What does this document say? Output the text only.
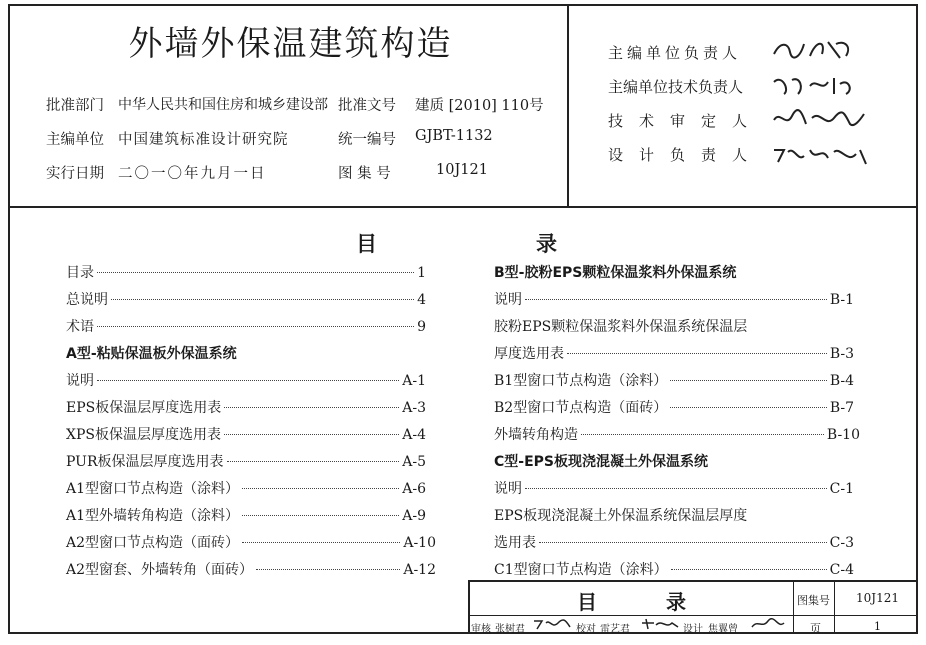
外墙外保温建筑构造
批准部门 中华人民共和国住房和城乡建设部 批准文号 建质 [2010] 110号
主编单位 中国建筑标准设计研究院	统一编号 GJBT-1132
实行日期 二〇一〇年九月一日	图 集 号	10J121
主编单位负责人
主编单位技术负责人
技术审定人
设计负责人
目	录
目录	1
总说明	4
术语	9
A型-粘贴保温板外保温系统
说明	A-1
EPS板保温层厚度选用表	A-3
XPS板保温层厚度选用表	A-4
PUR板保温层厚度选用表	A-5
A1型窗口节点构造（涂料）	A-6
A1型外墙转角构造（涂料）	A-9
A2型窗口节点构造（面砖）	A-10
A2型窗套、外墙转角（面砖）	A-12
B型-胶粉EPS颗粒保温浆料外保温系统
说明	B-1
胶粉EPS颗粒保温浆料外保温系统保温层
厚度选用表	B-3
B1型窗口节点构造（涂料）	B-4
B2型窗口节点构造（面砖）	B-7
外墙转角构造	B-10
C型-EPS板现浇混凝土外保温系统
说明	C-1
EPS板现浇混凝土外保温系统保温层厚度
选用表	C-3
C1型窗口节点构造（涂料）	C-4
目	录	图集号 10J121
页	1
审核 张树君	校对 雷艺君	设计 焦翼曾
